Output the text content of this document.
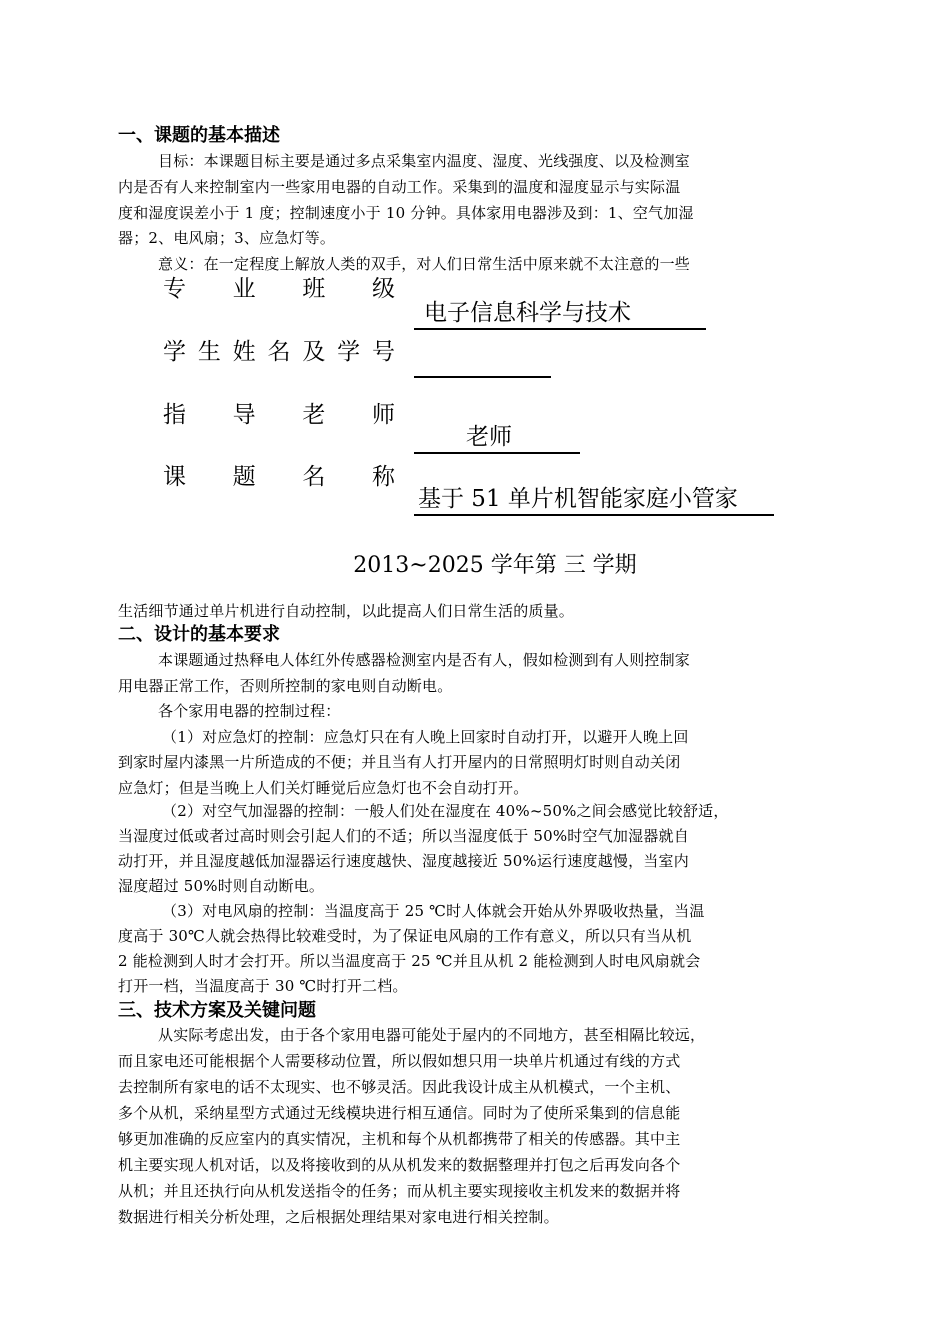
一、课题的基本描述
目标：本课题目标主要是通过多点采集室内温度、湿度、光线强度、以及检测室
内是否有人来控制室内一些家用电器的自动工作。采集到的温度和湿度显示与实际温
度和湿度误差小于 1 度；控制速度小于 10 分钟。具体家用电器涉及到：1、空气加湿
器；2、电风扇；3、应急灯等。
意义：在一定程度上解放人类的双手，对人们日常生活中原来就不太注意的一些
专 业 班 级
电子信息科学与技术
学 生 姓 名 及 学 号
指 导 老 师
老师
课 题 名 称
基于 51 单片机智能家庭小管家
2013~2025 学年第 三 学期
生活细节通过单片机进行自动控制，以此提高人们日常生活的质量。
二、设计的基本要求
本课题通过热释电人体红外传感器检测室内是否有人，假如检测到有人则控制家
用电器正常工作，否则所控制的家电则自动断电。
各个家用电器的控制过程：
（1）对应急灯的控制：应急灯只在有人晚上回家时自动打开，以避开人晚上回
到家时屋内漆黑一片所造成的不便；并且当有人打开屋内的日常照明灯时则自动关闭
应急灯；但是当晚上人们关灯睡觉后应急灯也不会自动打开。
（2）对空气加湿器的控制：一般人们处在湿度在 40%~50%之间会感觉比较舒适，
当湿度过低或者过高时则会引起人们的不适；所以当湿度低于 50%时空气加湿器就自
动打开，并且湿度越低加湿器运行速度越快、湿度越接近 50%运行速度越慢，当室内
湿度超过 50%时则自动断电。
（3）对电风扇的控制：当温度高于 25 ℃时人体就会开始从外界吸收热量，当温
度高于 30℃人就会热得比较难受时，为了保证电风扇的工作有意义，所以只有当从机
2 能检测到人时才会打开。所以当温度高于 25 ℃并且从机 2 能检测到人时电风扇就会
打开一档，当温度高于 30 ℃时打开二档。
三、技术方案及关键问题
从实际考虑出发，由于各个家用电器可能处于屋内的不同地方，甚至相隔比较远，
而且家电还可能根据个人需要移动位置，所以假如想只用一块单片机通过有线的方式
去控制所有家电的话不太现实、也不够灵活。因此我设计成主从机模式，一个主机、
多个从机，采纳星型方式通过无线模块进行相互通信。同时为了使所采集到的信息能
够更加准确的反应室内的真实情况，主机和每个从机都携带了相关的传感器。其中主
机主要实现人机对话，以及将接收到的从从机发来的数据整理并打包之后再发向各个
从机；并且还执行向从机发送指令的任务；而从机主要实现接收主机发来的数据并将
数据进行相关分析处理，之后根据处理结果对家电进行相关控制。
